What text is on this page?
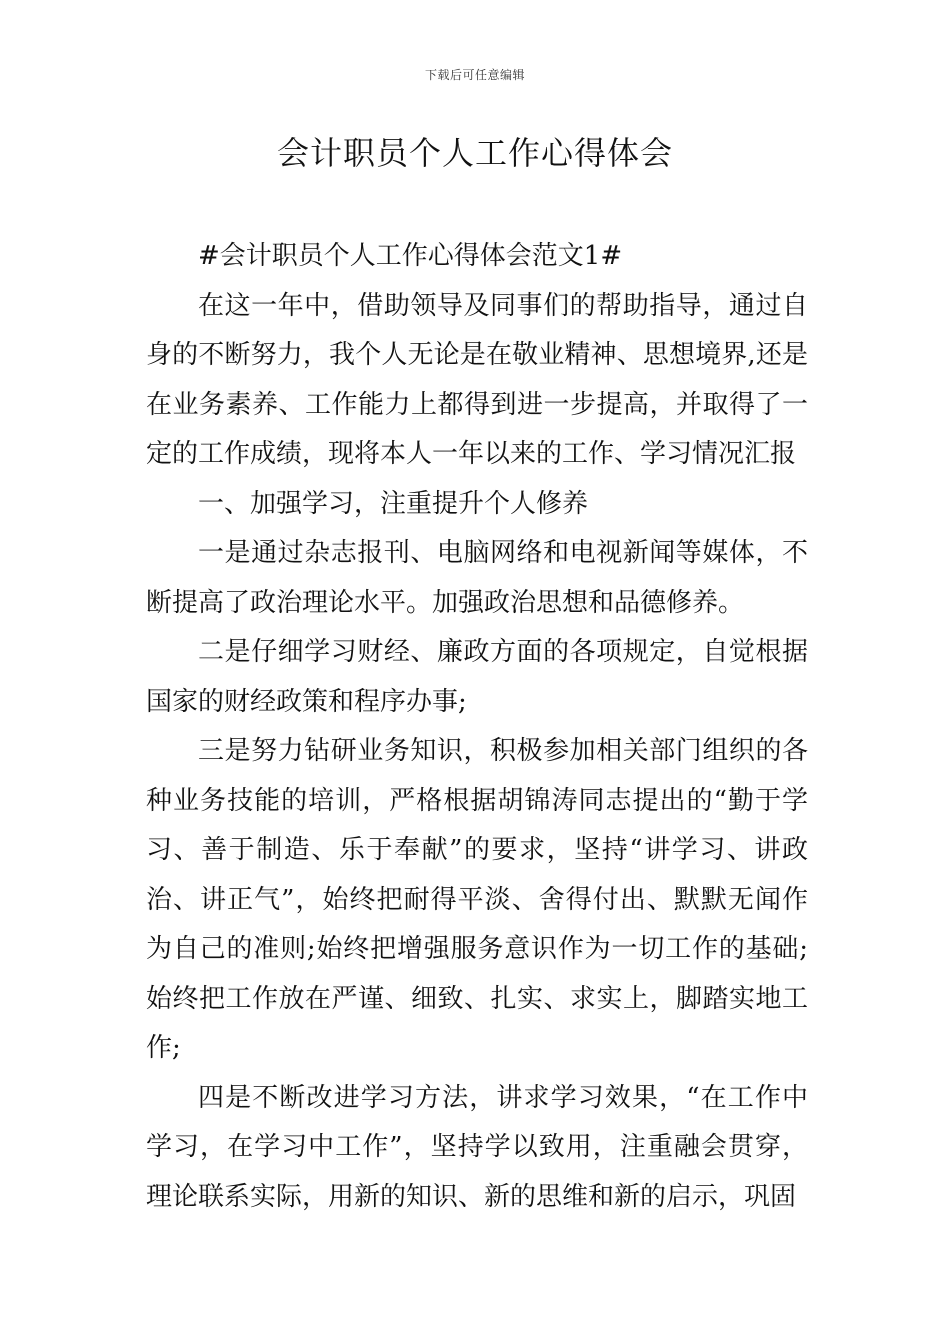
下载后可任意编辑
会计职员个人工作心得体会

#会计职员个人工作心得体会范文1#

在这一年中，借助领导及同事们的帮助指导，通过自身的不断努力，我个人无论是在敬业精神、思想境界,还是在业务素养、工作能力上都得到进一步提高，并取得了一定的工作成绩，现将本人一年以来的工作、学习情况汇报

一、加强学习，注重提升个人修养

一是通过杂志报刊、电脑网络和电视新闻等媒体，不断提高了政治理论水平。加强政治思想和品德修养。

二是仔细学习财经、廉政方面的各项规定，自觉根据国家的财经政策和程序办事;

三是努力钻研业务知识，积极参加相关部门组织的各种业务技能的培训，严格根据胡锦涛同志提出的“勤于学习、善于制造、乐于奉献”的要求，坚持“讲学习、讲政治、讲正气”，始终把耐得平淡、舍得付出、默默无闻作为自己的准则;始终把增强服务意识作为一切工作的基础;始终把工作放在严谨、细致、扎实、求实上，脚踏实地工作;

四是不断改进学习方法，讲求学习效果，“在工作中学习，在学习中工作”，坚持学以致用，注重融会贯穿，理论联系实际，用新的知识、新的思维和新的启示，巩固
